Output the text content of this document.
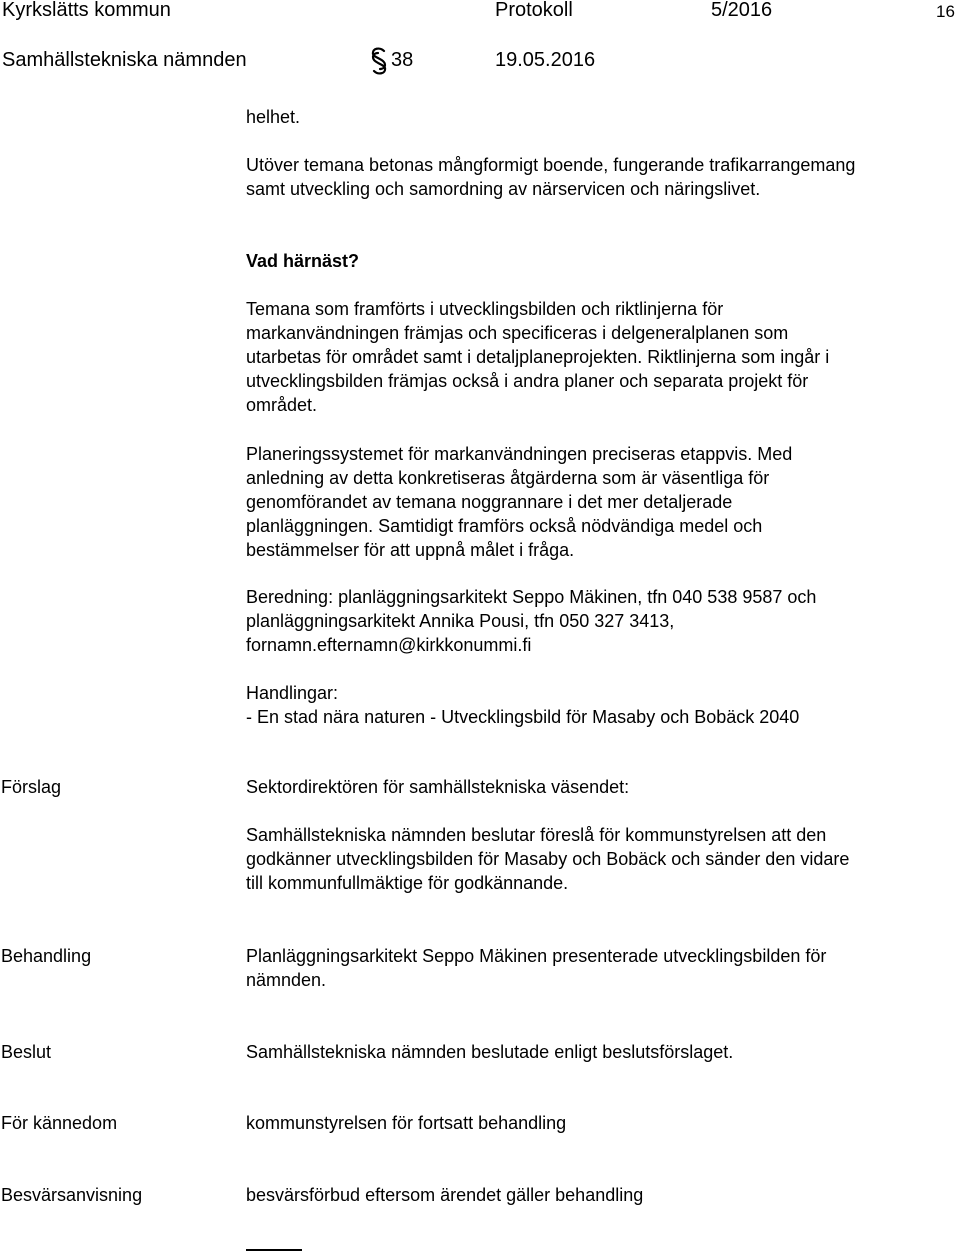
Kyrkslätts kommun	Protokoll	5/2016	16
Samhällstekniska nämnden	38	19.05.2016
helhet.
Utöver temana betonas mångformigt boende, fungerande trafikarrangemang
samt utveckling och samordning av närservicen och näringslivet.
Vad härnäst?
Temana som framförts i utvecklingsbilden och riktlinjerna för
markanvändningen främjas och specificeras i delgeneralplanen som
utarbetas för området samt i detaljplaneprojekten. Riktlinjerna som ingår i
utvecklingsbilden främjas också i andra planer och separata projekt för
området.
Planeringssystemet för markanvändningen preciseras etappvis. Med
anledning av detta konkretiseras åtgärderna som är väsentliga för
genomförandet av temana noggrannare i det mer detaljerade
planläggningen. Samtidigt framförs också nödvändiga medel och
bestämmelser för att uppnå målet i fråga.
Beredning: planläggningsarkitekt Seppo Mäkinen, tfn 040 538 9587 och
planläggningsarkitekt Annika Pousi, tfn 050 327 3413,
fornamn.efternamn@kirkkonummi.fi
Handlingar:
- En stad nära naturen - Utvecklingsbild för Masaby och Bobäck 2040
Förslag	Sektordirektören för samhällstekniska väsendet:
Samhällstekniska nämnden beslutar föreslå för kommunstyrelsen att den
godkänner utvecklingsbilden för Masaby och Bobäck och sänder den vidare
till kommunfullmäktige för godkännande.
Behandling	Planläggningsarkitekt Seppo Mäkinen presenterade utvecklingsbilden för
nämnden.
Beslut	Samhällstekniska nämnden beslutade enligt beslutsförslaget.
För kännedom	kommunstyrelsen för fortsatt behandling
Besvärsanvisning	besvärsförbud eftersom ärendet gäller behandling
